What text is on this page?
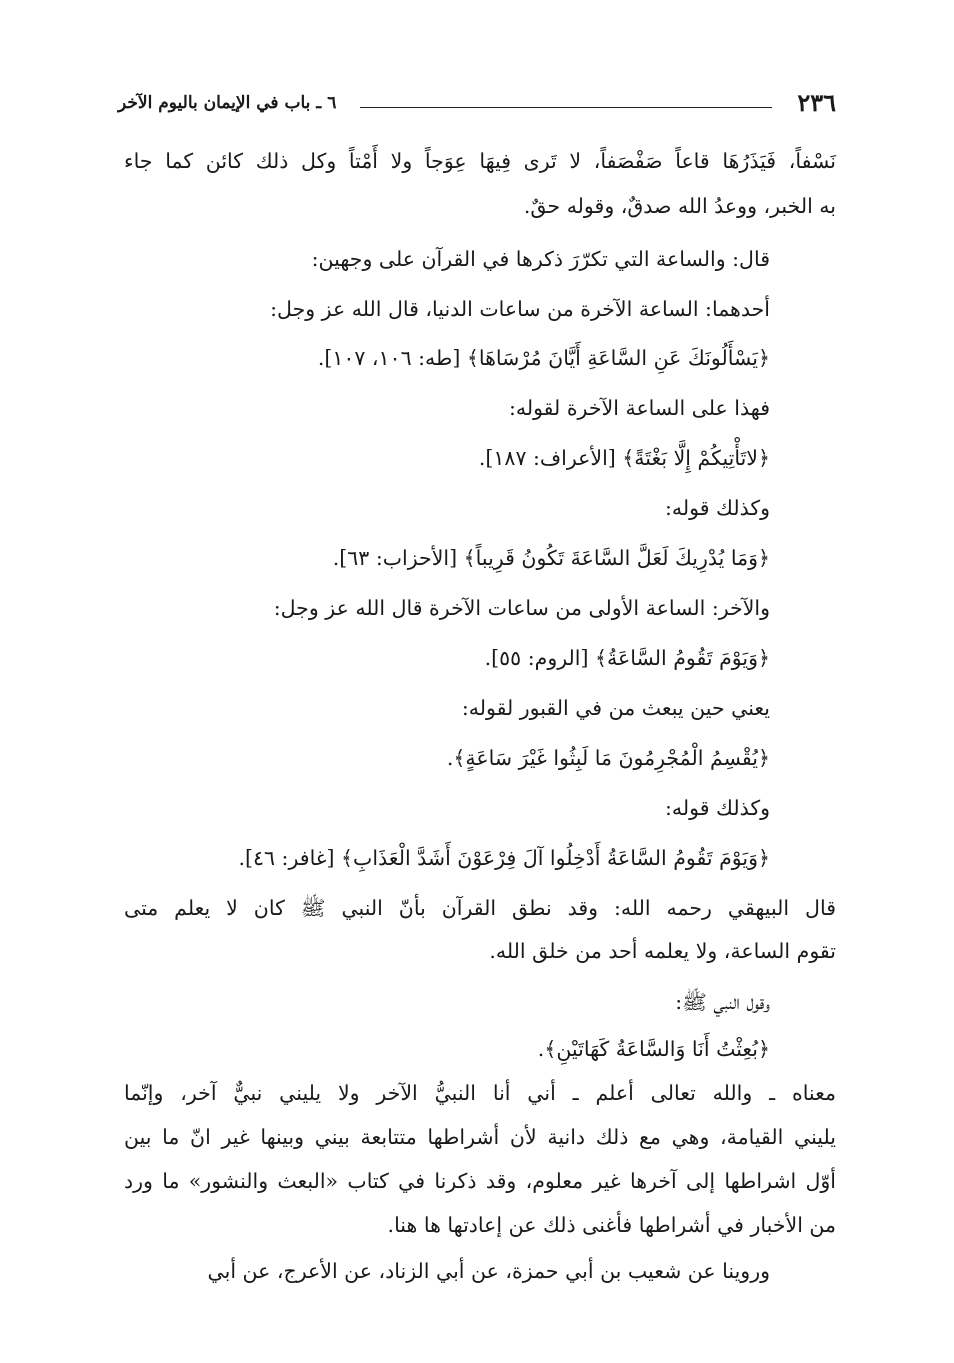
٢٣٦
٦ ـ باب في الإيمان باليوم الآخر
نَسْفاً، فَيَذَرُهَا قاعاً صَفْصَفاً، لا تَرى فِيهَا عِوَجاً ولا أَمْتاً وكل ذلك كائن كما جاء
به الخبر، ووعدُ الله صدقٌ، وقوله حقٌ.
قال: والساعة التي تكرّرَ ذكرها في القرآن على وجهين:
أحدهما: الساعة الآخرة من ساعات الدنيا، قال الله عز وجل:
﴿يَسْأَلُونَكَ عَنِ السَّاعَةِ أَيَّانَ مُرْسَاهَا﴾ [طه: ١٠٦، ١٠٧].
فهذا على الساعة الآخرة لقوله:
﴿لاتَأْتِيكُمْ إِلَّا بَغْتَةً﴾ [الأعراف: ١٨٧].
وكذلك قوله:
﴿وَمَا يُدْرِيكَ لَعَلَّ السَّاعَةَ تَكُونُ قَرِيباً﴾ [الأحزاب: ٦٣].
والآخر: الساعة الأولى من ساعات الآخرة قال الله عز وجل:
﴿وَيَوْمَ تَقُومُ السَّاعَةُ﴾ [الروم: ٥٥].
يعني حين يبعث من في القبور لقوله:
﴿يُقْسِمُ الْمُجْرِمُونَ مَا لَبِثُوا غَيْرَ سَاعَةٍ﴾.
وكذلك قوله:
﴿وَيَوْمَ تَقُومُ السَّاعَةُ أَدْخِلُوا آلَ فِرْعَوْنَ أَشَدَّ الْعَذَابِ﴾ [غافر: ٤٦].
قال البيهقي رحمه الله: وقد نطق القرآن بأنّ النبي ﷺ كان لا يعلم متى
تقوم الساعة، ولا يعلمه أحد من خلق الله.
وقول النبي ﷺ:
﴿بُعِثْتُ أَنَا وَالسَّاعَةُ كَهَاتَيْنِ﴾.
معناه ـ والله تعالى أعلم ـ أني أنا النبيُّ الآخر ولا يليني نبيٌّ آخر، وإنّما
يليني القيامة، وهي مع ذلك دانية لأن أشراطها متتابعة بيني وبينها غير انّ ما بين
أوّل اشراطها إلى آخرها غير معلوم، وقد ذكرنا في كتاب «البعث والنشور» ما ورد
من الأخبار في أشراطها فأغنى ذلك عن إعادتها ها هنا.
وروينا عن شعيب بن أبي حمزة، عن أبي الزناد، عن الأعرج، عن أبي
